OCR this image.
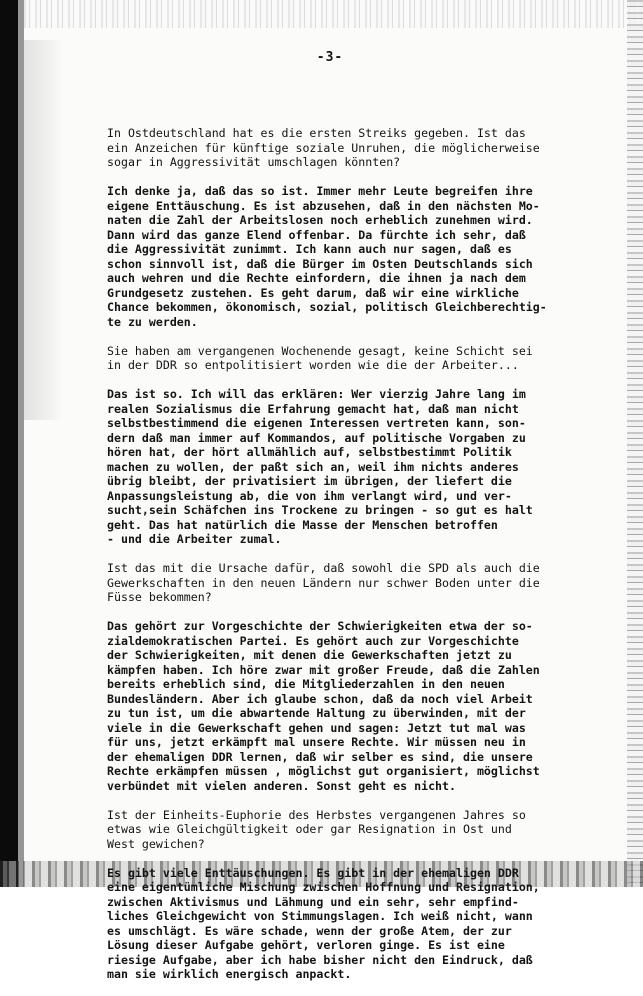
-3-
In Ostdeutschland hat es die ersten Streiks gegeben. Ist das
ein Anzeichen für künftige soziale Unruhen, die möglicherweise
sogar in Aggressivität umschlagen könnten?
Ich denke ja, daß das so ist. Immer mehr Leute begreifen ihre
eigene Enttäuschung. Es ist abzusehen, daß in den nächsten Mo-
naten die Zahl der Arbeitslosen noch erheblich zunehmen wird.
Dann wird das ganze Elend offenbar. Da fürchte ich sehr, daß
die Aggressivität zunimmt. Ich kann auch nur sagen, daß es
schon sinnvoll ist, daß die Bürger im Osten Deutschlands sich
auch wehren und die Rechte einfordern, die ihnen ja nach dem
Grundgesetz zustehen. Es geht darum, daß wir eine wirkliche
Chance bekommen, ökonomisch, sozial, politisch Gleichberechtig-
te zu werden.
Sie haben am vergangenen Wochenende gesagt, keine Schicht sei
in der DDR so entpolitisiert worden wie die der Arbeiter...
Das ist so. Ich will das erklären: Wer vierzig Jahre lang im
realen Sozialismus die Erfahrung gemacht hat, daß man nicht
selbstbestimmend die eigenen Interessen vertreten kann, son-
dern daß man immer auf Kommandos, auf politische Vorgaben zu
hören hat, der hört allmählich auf, selbstbestimmt Politik
machen zu wollen, der paßt sich an, weil ihm nichts anderes
übrig bleibt, der privatisiert im übrigen, der liefert die
Anpassungsleistung ab, die von ihm verlangt wird, und ver-
sucht,sein Schäfchen ins Trockene zu bringen - so gut es halt
geht. Das hat natürlich die Masse der Menschen betroffen
- und die Arbeiter zumal.
Ist das mit die Ursache dafür, daß sowohl die SPD als auch die
Gewerkschaften in den neuen Ländern nur schwer Boden unter die
Füsse bekommen?
Das gehört zur Vorgeschichte der Schwierigkeiten etwa der so-
zialdemokratischen Partei. Es gehört auch zur Vorgeschichte
der Schwierigkeiten, mit denen die Gewerkschaften jetzt zu
kämpfen haben. Ich höre zwar mit großer Freude, daß die Zahlen
bereits erheblich sind, die Mitgliederzahlen in den neuen
Bundesländern. Aber ich glaube schon, daß da noch viel Arbeit
zu tun ist, um die abwartende Haltung zu überwinden, mit der
viele in die Gewerkschaft gehen und sagen: Jetzt tut mal was
für uns, jetzt erkämpft mal unsere Rechte. Wir müssen neu in
der ehemaligen DDR lernen, daß wir selber es sind, die unsere
Rechte erkämpfen müssen , möglichst gut organisiert, möglichst
verbündet mit vielen anderen. Sonst geht es nicht.
Ist der Einheits-Euphorie des Herbstes vergangenen Jahres so
etwas wie Gleichgültigkeit oder gar Resignation in Ost und
West gewichen?
Es gibt viele Enttäuschungen. Es gibt in der ehemaligen DDR
eine eigentümliche Mischung zwischen Hoffnung und Resignation,
zwischen Aktivismus und Lähmung und ein sehr, sehr empfind-
liches Gleichgewicht von Stimmungslagen. Ich weiß nicht, wann
es umschlägt. Es wäre schade, wenn der große Atem, der zur
Lösung dieser Aufgabe gehört, verloren ginge. Es ist eine
riesige Aufgabe, aber ich habe bisher nicht den Eindruck, daß
man sie wirklich energisch anpackt.
